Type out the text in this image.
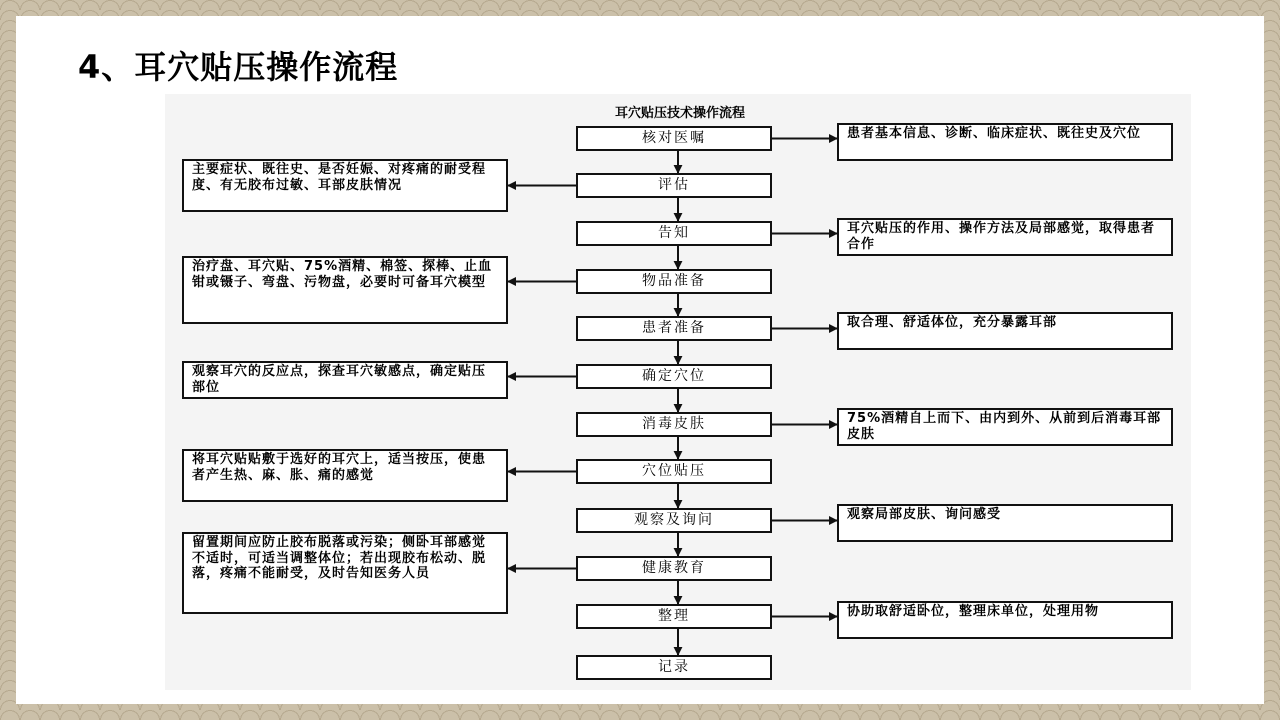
4、耳穴贴压操作流程
耳穴贴压技术操作流程
核对医嘱
评估
告知
物品准备
患者准备
确定穴位
消毒皮肤
穴位贴压
观察及询问
健康教育
整理
记录
患者基本信息、诊断、临床症状、既往史及穴位
主要症状、既往史、是否妊娠、对疼痛的耐受程度、有无胶布过敏、耳部皮肤情况
耳穴贴压的作用、操作方法及局部感觉，取得患者合作
治疗盘、耳穴贴、75%酒精、棉签、探棒、止血钳或镊子、弯盘、污物盘，必要时可备耳穴模型
取合理、舒适体位，充分暴露耳部
观察耳穴的反应点，探查耳穴敏感点，确定贴压部位
75%酒精自上而下、由内到外、从前到后消毒耳部皮肤
将耳穴贴贴敷于选好的耳穴上，适当按压，使患者产生热、麻、胀、痛的感觉
观察局部皮肤、询问感受
留置期间应防止胶布脱落或污染；侧卧耳部感觉不适时，可适当调整体位；若出现胶布松动、脱落，疼痛不能耐受，及时告知医务人员
协助取舒适卧位，整理床单位，处理用物
